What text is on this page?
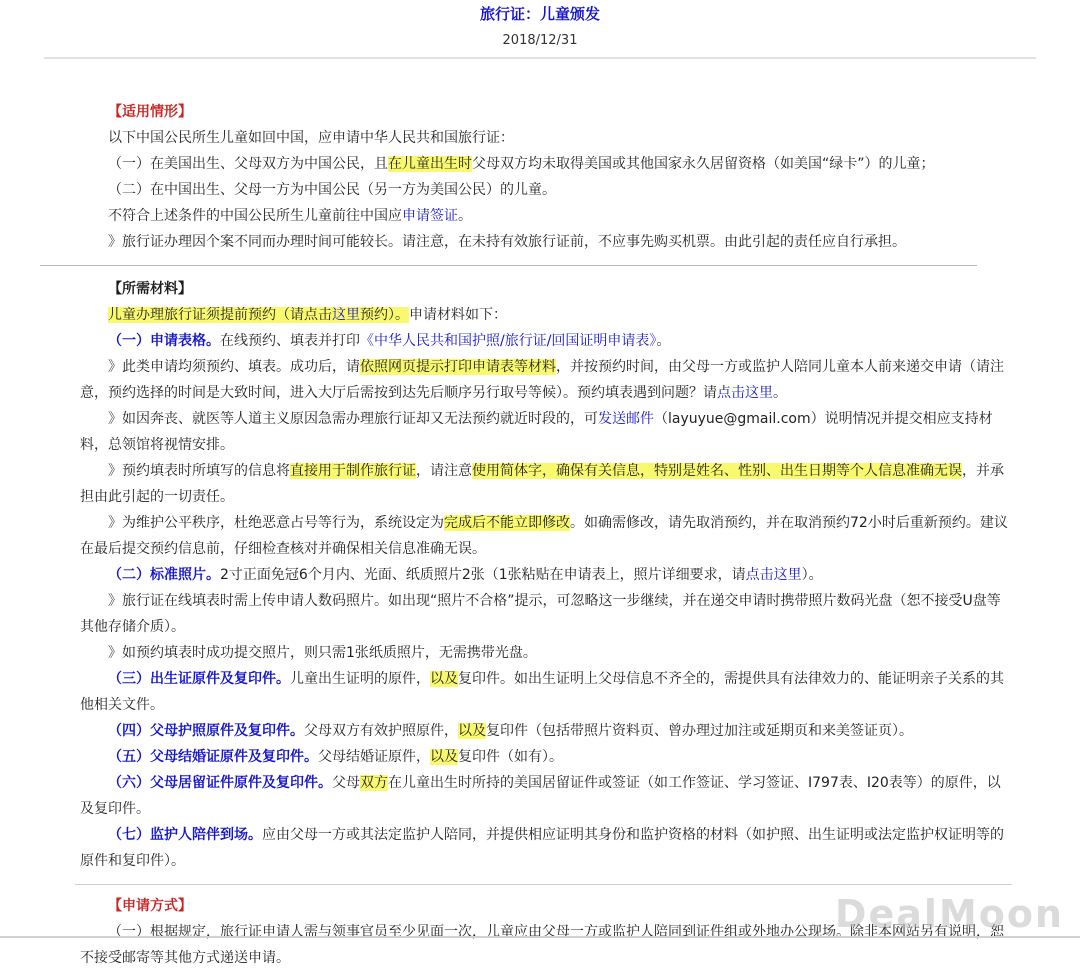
旅行证：儿童颁发
2018/12/31

【适用情形】

以下中国公民所生儿童如回中国，应申请中华人民共和国旅行证：

（一）在美国出生、父母双方为中国公民，且在儿童出生时父母双方均未取得美国或其他国家永久居留资格（如美国“绿卡”）的儿童；

（二）在中国出生、父母一方为中国公民（另一方为美国公民）的儿童。

不符合上述条件的中国公民所生儿童前往中国应申请签证。

》旅行证办理因个案不同而办理时间可能较长。请注意，在未持有效旅行证前，不应事先购买机票。由此引起的责任应自行承担。

【所需材料】

儿童办理旅行证须提前预约（请点击这里预约）。申请材料如下：

（一）申请表格。在线预约、填表并打印《中华人民共和国护照/旅行证/回国证明申请表》。

》此类申请均须预约、填表。成功后，请依照网页提示打印申请表等材料，并按预约时间，由父母一方或监护人陪同儿童本人前来递交申请（请注意，预约选择的时间是大致时间，进入大厅后需按到达先后顺序另行取号等候）。预约填表遇到问题？请点击这里。

》如因奔丧、就医等人道主义原因急需办理旅行证却又无法预约就近时段的，可发送邮件（layuyue@gmail.com）说明情况并提交相应支持材料，总领馆将视情安排。

》预约填表时所填写的信息将直接用于制作旅行证，请注意使用简体字，确保有关信息，特别是姓名、性别、出生日期等个人信息准确无误，并承担由此引起的一切责任。

》为维护公平秩序，杜绝恶意占号等行为，系统设定为完成后不能立即修改。如确需修改，请先取消预约，并在取消预约72小时后重新预约。建议在最后提交预约信息前，仔细检查核对并确保相关信息准确无误。

（二）标准照片。2寸正面免冠6个月内、光面、纸质照片2张（1张粘贴在申请表上，照片详细要求，请点击这里）。

》旅行证在线填表时需上传申请人数码照片。如出现“照片不合格”提示，可忽略这一步继续，并在递交申请时携带照片数码光盘（恕不接受U盘等其他存储介质）。

》如预约填表时成功提交照片，则只需1张纸质照片，无需携带光盘。

（三）出生证原件及复印件。儿童出生证明的原件，以及复印件。如出生证明上父母信息不齐全的，需提供具有法律效力的、能证明亲子关系的其他相关文件。

（四）父母护照原件及复印件。父母双方有效护照原件，以及复印件（包括带照片资料页、曾办理过加注或延期页和来美签证页）。

（五）父母结婚证原件及复印件。父母结婚证原件，以及复印件（如有）。

（六）父母居留证件原件及复印件。父母双方在儿童出生时所持的美国居留证件或签证（如工作签证、学习签证、I797表、I20表等）的原件，以及复印件。

（七）监护人陪伴到场。应由父母一方或其法定监护人陪同，并提供相应证明其身份和监护资格的材料（如护照、出生证明或法定监护权证明等的原件和复印件）。

【申请方式】

（一）根据规定，旅行证申请人需与领事官员至少见面一次，儿童应由父母一方或监护人陪同到证件组或外地办公现场。除非本网站另有说明，恕不接受邮寄等其他方式递送申请。

DealMoon
